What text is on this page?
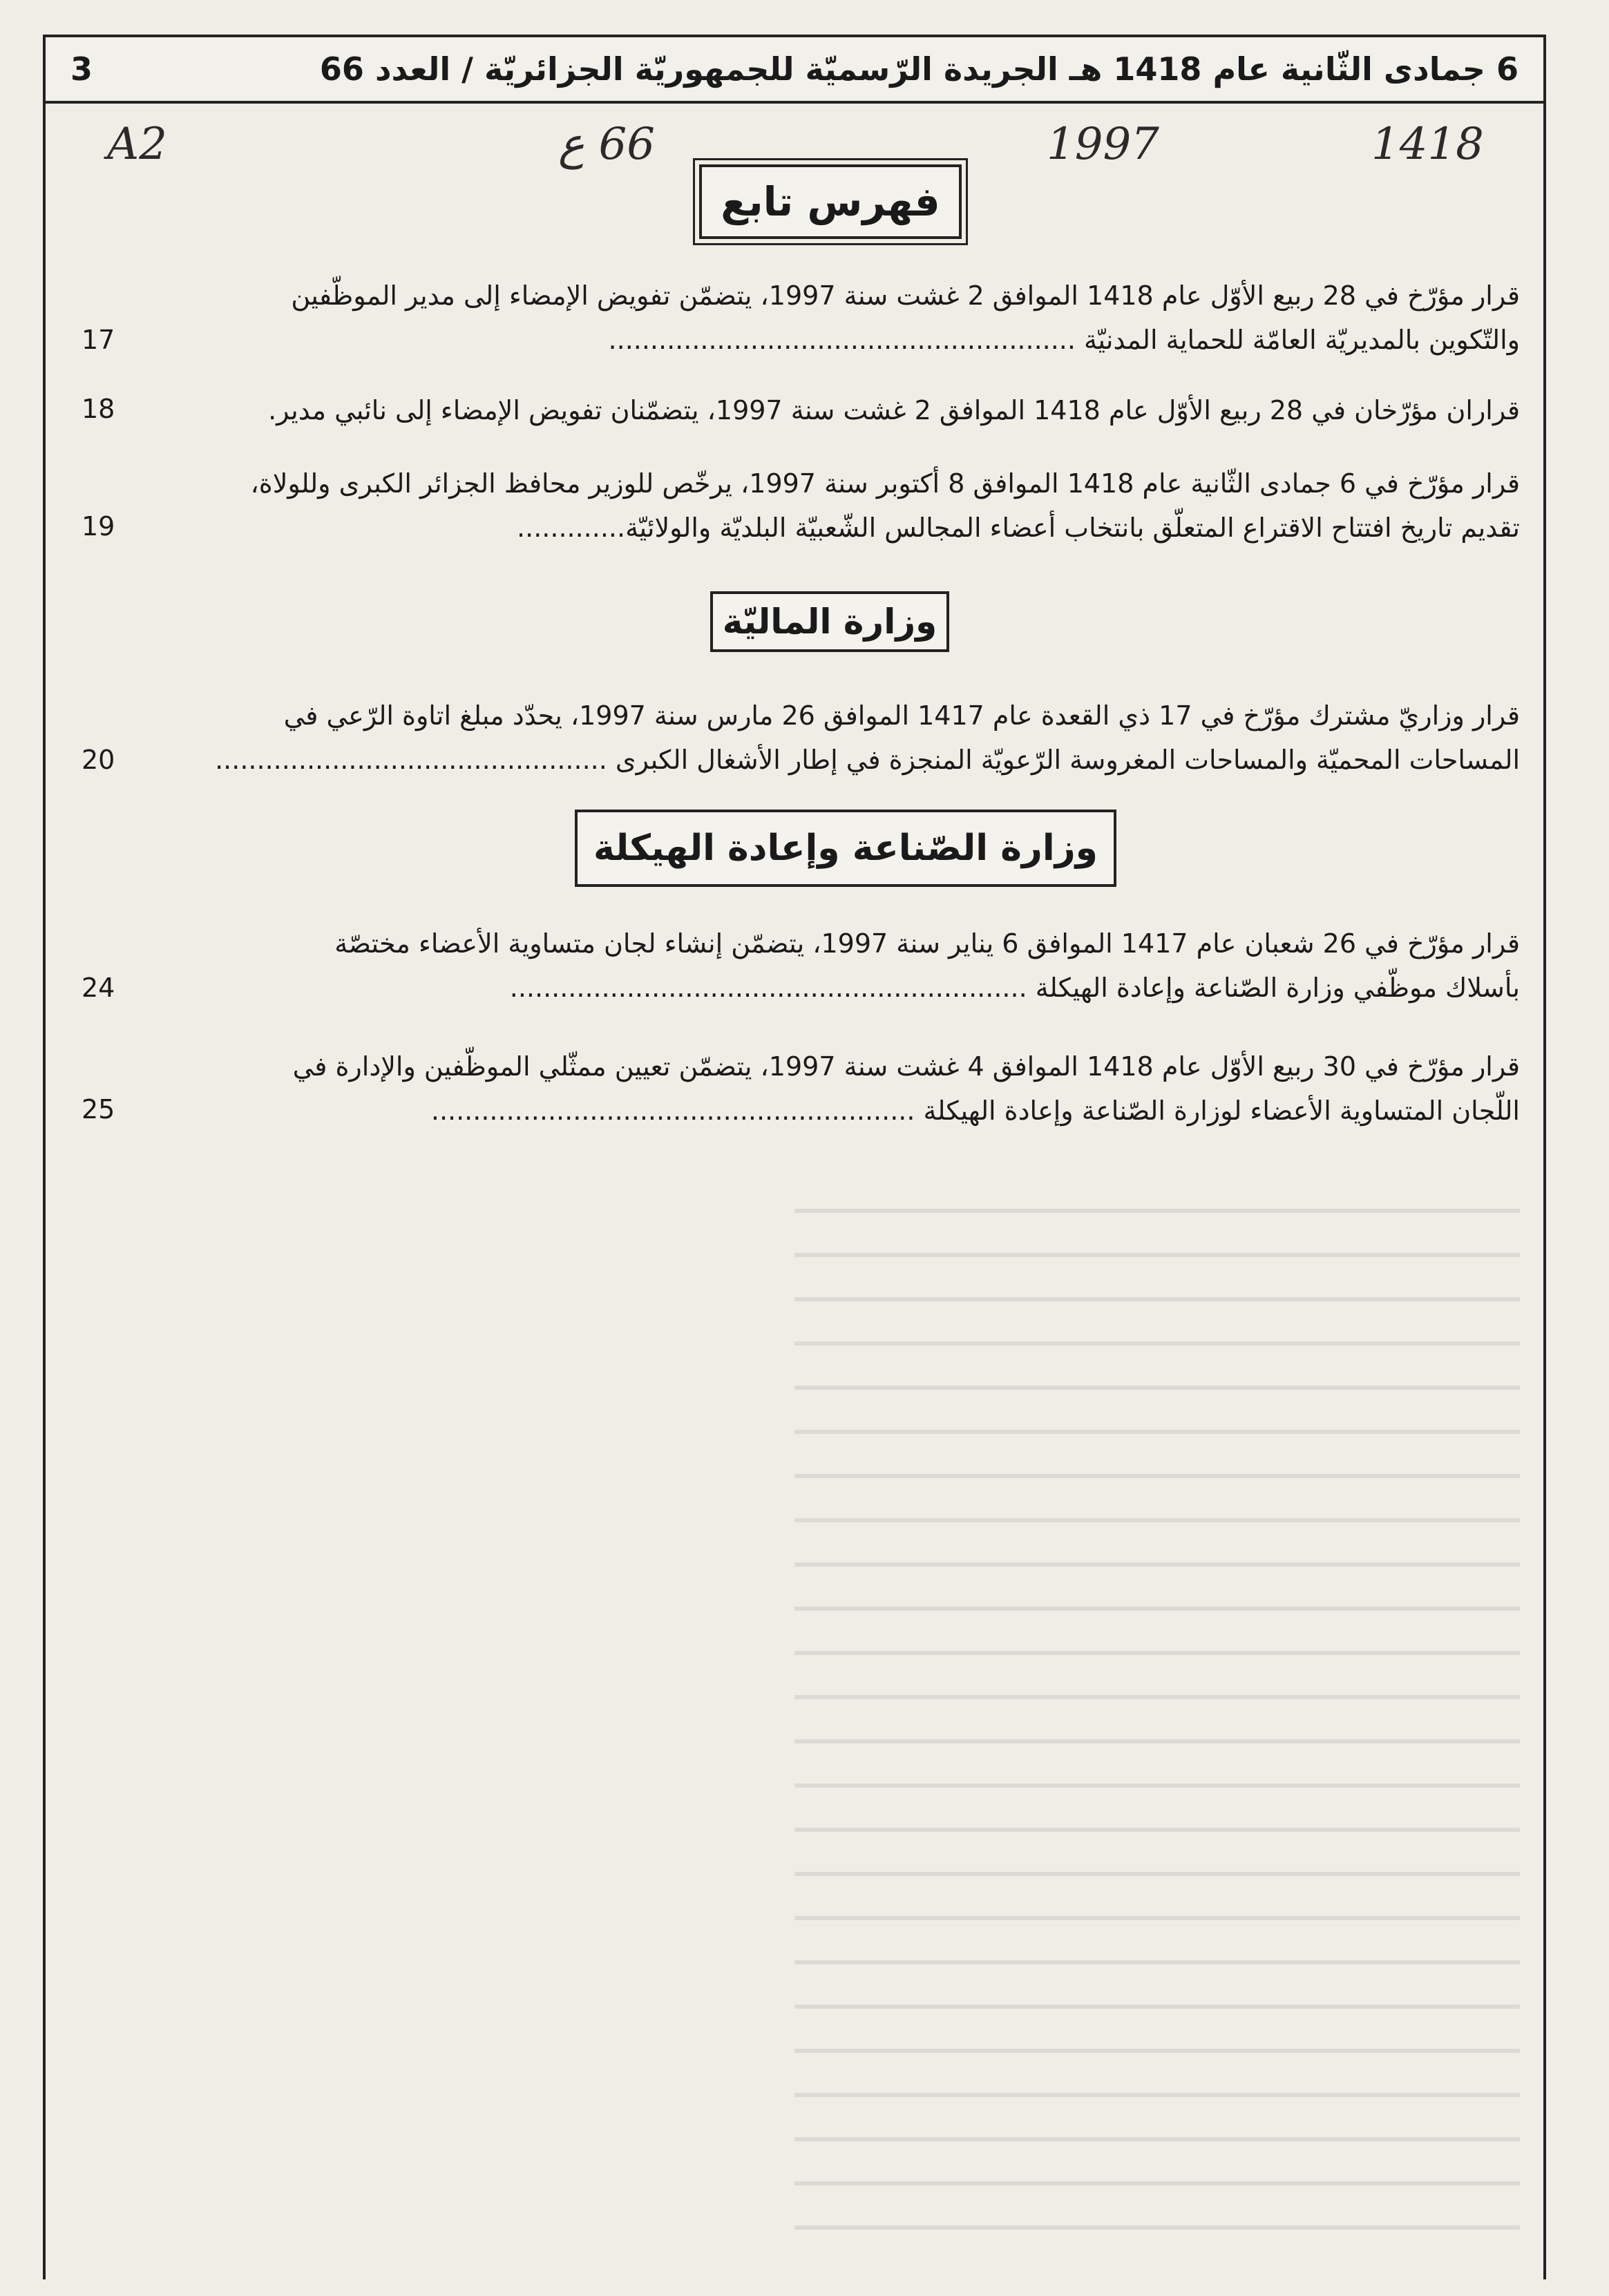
3	6 جمادى الثّانية عام 1418 هـ الجريدة الرّسميّة للجمهوريّة الجزائريّة / العدد 66
A2	66 ع	1997	1418
فهرس تابع
قرار مؤرّخ في 28 ربيع الأوّل عام 1418 الموافق 2 غشت سنة 1997، يتضمّن تفويض الإمضاء إلى مدير الموظّفين
والتّكوين بالمديريّة العامّة للحماية المدنيّة ........................................................
17
قراران مؤرّخان في 28 ربيع الأوّل عام 1418 الموافق 2 غشت سنة 1997، يتضمّنان تفويض الإمضاء إلى نائبي مدير.
18
قرار مؤرّخ في 6 جمادى الثّانية عام 1418 الموافق 8 أكتوبر سنة 1997، يرخّص للوزير محافظ الجزائر الكبرى وللولاة،
تقديم تاريخ افتتاح الاقتراع المتعلّق بانتخاب أعضاء المجالس الشّعبيّة البلديّة والولائيّة.............
19
وزارة الماليّة
قرار وزاريّ مشترك مؤرّخ في 17 ذي القعدة عام 1417 الموافق 26 مارس سنة 1997، يحدّد مبلغ اتاوة الرّعي في
المساحات المحميّة والمساحات المغروسة الرّعويّة المنجزة في إطار الأشغال الكبرى ...............................................
20
وزارة الصّناعة وإعادة الهيكلة
قرار مؤرّخ في 26 شعبان عام 1417 الموافق 6 يناير سنة 1997، يتضمّن إنشاء لجان متساوية الأعضاء مختصّة
بأسلاك موظّفي وزارة الصّناعة وإعادة الهيكلة ..............................................................
24
قرار مؤرّخ في 30 ربيع الأوّل عام 1418 الموافق 4 غشت سنة 1997، يتضمّن تعيين ممثّلي الموظّفين والإدارة في
اللّجان المتساوية الأعضاء لوزارة الصّناعة وإعادة الهيكلة ..........................................................
25
